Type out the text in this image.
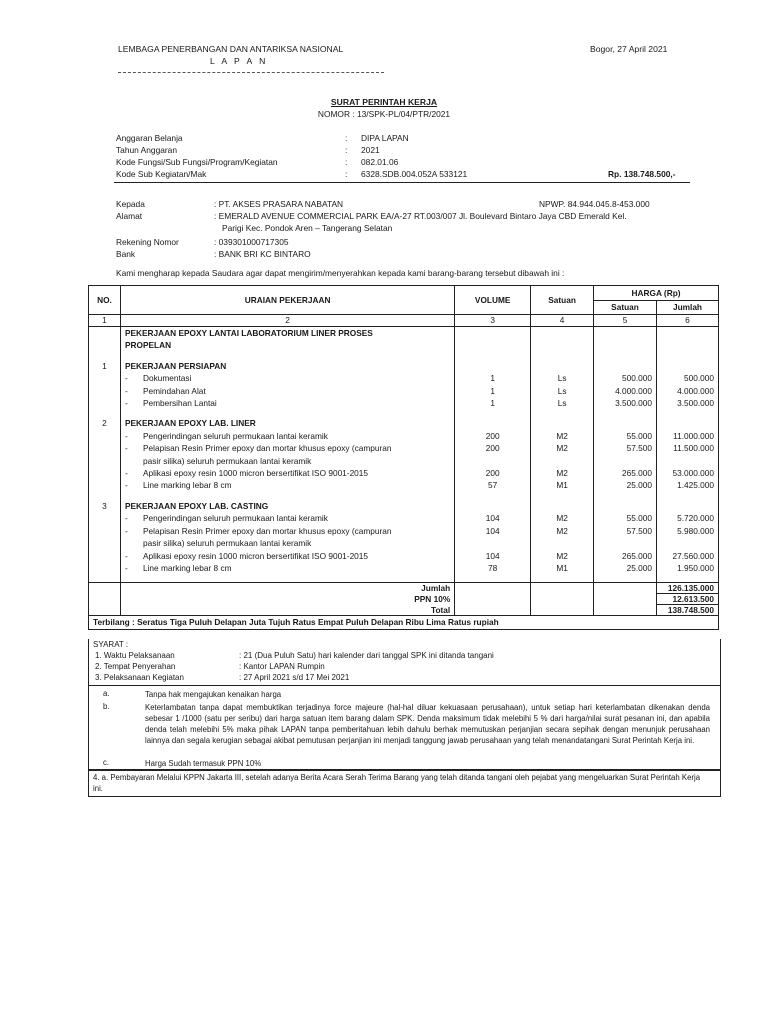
LEMBAGA PENERBANGAN DAN ANTARIKSA NASIONAL
L A P A N
Bogor, 27 April 2021
SURAT PERINTAH KERJA
NOMOR : 13/SPK-PL/04/PTR/2021
Anggaran Belanja	: DIPA LAPAN
Tahun Anggaran	: 2021
Kode Fungsi/Sub Fungsi/Program/Kegiatan	: 082.01.06
Kode Sub Kegiatan/Mak	: 6328.SDB.004.052A 533121	Rp. 138.748.500,-
Kepada	: PT. AKSES PRASARA NABATAN	NPWP. 84.944.045.8-453.000
Alamat	: EMERALD AVENUE COMMERCIAL PARK EA/A-27 RT.003/007 Jl. Boulevard Bintaro Jaya CBD Emerald Kel.
Parigi Kec. Pondok Aren – Tangerang Selatan
Rekening Nomor	: 039301000717305
Bank	: BANK BRI KC BINTARO
Kami mengharap kepada Saudara agar dapat mengirim/menyerahkan kepada kami barang-barang tersebut dibawah ini :
NO.	URAIAN PEKERJAAN	VOLUME	Satuan	HARGA (Rp)	
				Satuan	Jumlah
1	2	3	4	5	6

	PEKERJAAN EPOXY LANTAI LABORATORIUM LINER PROSES
PROPELAN				

1	PEKERJAAN PERSIAPAN				
	- Dokumentasi	1	Ls	500.000	500.000
	- Pemindahan Alat	1	Ls	4.000.000	4.000.000
	- Pembersihan Lantai	1	Ls	3.500.000	3.500.000

2	PEKERJAAN EPOXY LAB. LINER				
	- Pengerindingan seluruh permukaan lantai keramik	200	M2	55.000	11.000.000
	- Pelapisan Resin Primer epoxy dan mortar khusus epoxy (campuran
pasir silika) seluruh permukaan lantai keramik	200	M2	57.500	11.500.000
	- Aplikasi epoxy resin 1000 micron bersertifikat ISO 9001-2015	200	M2	265.000	53.000.000
	- Line marking lebar 8 cm	57	M1	25.000	1.425.000

3	PEKERJAAN EPOXY LAB. CASTING				
	- Pengerindingan seluruh permukaan lantai keramik	104	M2	55.000	5.720.000
	- Pelapisan Resin Primer epoxy dan mortar khusus epoxy (campuran
pasir silika) seluruh permukaan lantai keramik	104	M2	57.500	5.980.000
	- Aplikasi epoxy resin 1000 micron bersertifikat ISO 9001-2015	104	M2	265.000	27.560.000
	- Line marking lebar 8 cm	78	M1	25.000	1.950.000

	Jumlah				126.135.000
	PPN 10%				12.613.500
	Total				138.748.500
Terbilang : Seratus Tiga Puluh Delapan Juta Tujuh Ratus Empat Puluh Delapan Ribu Lima Ratus rupiah					
SYARAT :
1. Waktu Pelaksanaan	: 21 (Dua Puluh Satu) hari kalender dari tanggal SPK ini ditanda tangani
2. Tempat Penyerahan	: Kantor LAPAN Rumpin
3. Pelaksanaan Kegiatan	: 27 April 2021 s/d 17 Mei 2021
a.	Tanpa hak mengajukan kenaikan harga
b.	Keterlambatan tanpa dapat membuktikan terjadinya force majeure (hal-hal diluar kekuasaan perusahaan), untuk setiap hari keterlambatan dikenakan denda sebesar 1 /1000 (satu per seribu) dari harga satuan item barang dalam SPK. Denda maksimum tidak melebihi 5 % dari harga/nilai surat pesanan ini, dan apabila denda telah melebihi 5% maka pihak LAPAN tanpa pemberitahuan lebih dahulu berhak memutuskan perjanjian secara sepihak dengan menunjuk perusahaan lainnya dan segala kerugian sebagai akibat pemutusan perjanjian ini menjadi tanggung jawab perusahaan yang telah menandatangani Surat Perintah Kerja ini.
c.	Harga Sudah termasuk PPN 10%
4. a. Pembayaran Melalui KPPN Jakarta III, setelah adanya Berita Acara Serah Terima Barang yang telah ditanda tangani oleh pejabat yang mengeluarkan Surat Perintah Kerja ini.
